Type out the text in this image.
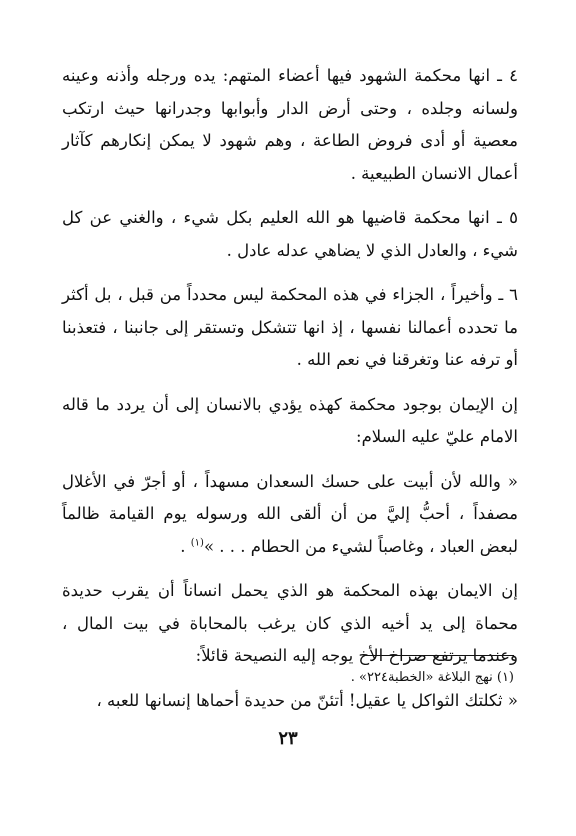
٤ ـ انها محكمة الشهود فيها أعضاء المتهم: يده ورجله وأذنه وعينه ولسانه وجلده ، وحتى أرض الدار وأبوابها وجدرانها حيث ارتكب معصية أو أدى فروض الطاعة ، وهم شهود لا يمكن إنكارهم كآثار أعمال الانسان الطبيعية .

٥ ـ انها محكمة قاضيها هو الله العليم بكل شيء ، والغني عن كل شيء ، والعادل الذي لا يضاهي عدله عادل .

٦ ـ وأخيراً ، الجزاء في هذه المحكمة ليس محدداً من قبل ، بل أكثر ما تحدده أعمالنا نفسها ، إذ انها تتشكل وتستقر إلى جانبنا ، فتعذبنا أو ترفه عنا وتغرقنا في نعم الله .

إن الإيمان بوجود محكمة كهذه يؤدي بالانسان إلى أن يردد ما قاله الامام عليّ عليه السلام:

« والله لأن أبيت على حسك السعدان مسهداً ، أو أجرّ في الأغلال مصفداً ، أحبُّ إليَّ من أن ألقى الله ورسوله يوم القيامة ظالماً لبعض العباد ، وغاصباً لشيء من الحطام . . . »$^{(١)}$ .

إن الايمان بهذه المحكمة هو الذي يحمل انساناً أن يقرب حديدة محماة إلى يد أخيه الذي كان يرغب بالمحاباة في بيت المال ، وعندما يرتفع صراخ الأخ يوجه إليه النصيحة قائلاً:

« ثكلتك الثواكل يا عقيل! أتئنّ من حديدة أحماها إنسانها للعبه ،

(١) نهج البلاغة «الخطبة٢٢٤» .
٢٣
